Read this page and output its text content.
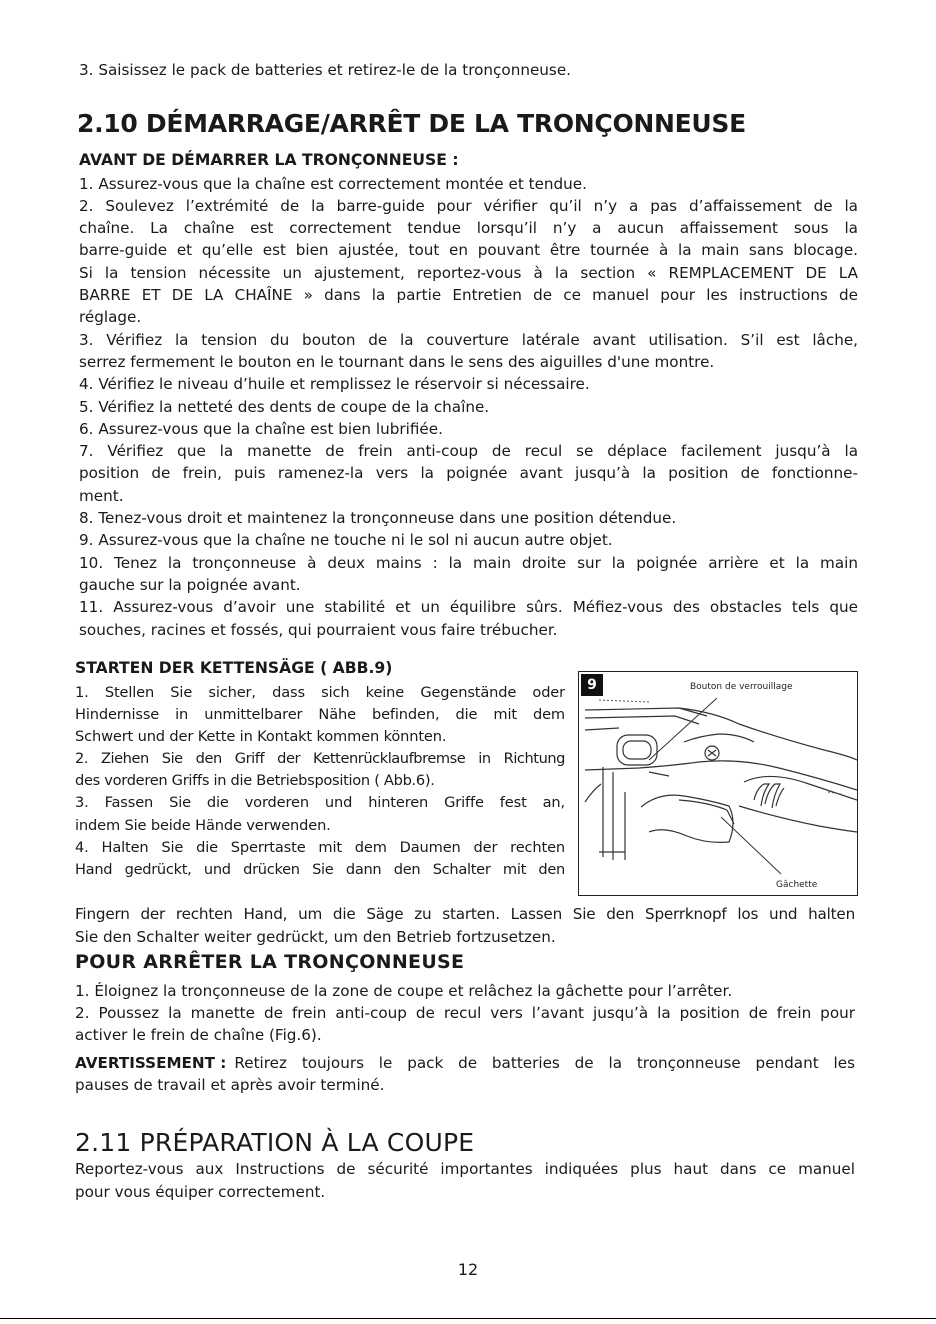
3. Saisissez le pack de batteries et retirez-le de la tronçonneuse.
2.10 DÉMARRAGE/ARRÊT DE LA TRONÇONNEUSE
AVANT DE DÉMARRER LA TRONÇONNEUSE :
1. Assurez-vous que la chaîne est correctement montée et tendue.
2. Soulevez l’extrémité de la barre-guide pour vérifier qu’il n’y a pas d’affaissement de la
chaîne. La chaîne est correctement tendue lorsqu’il n’y a aucun affaissement sous la
barre-guide et qu’elle est bien ajustée, tout en pouvant être tournée à la main sans blocage.
Si la tension nécessite un ajustement, reportez-vous à la section « REMPLACEMENT DE LA
BARRE ET DE LA CHAÎNE » dans la partie Entretien de ce manuel pour les instructions de
réglage.
3. Vérifiez la tension du bouton de la couverture latérale avant utilisation. S’il est lâche,
serrez fermement le bouton en le tournant dans le sens des aiguilles d'une montre.
4. Vérifiez le niveau d’huile et remplissez le réservoir si nécessaire.
5. Vérifiez la netteté des dents de coupe de la chaîne.
6. Assurez-vous que la chaîne est bien lubrifiée.
7. Vérifiez que la manette de frein anti-coup de recul se déplace facilement jusqu’à la
position de frein, puis ramenez-la vers la poignée avant jusqu’à la position de fonctionne-
ment.
8. Tenez-vous droit et maintenez la tronçonneuse dans une position détendue.
9. Assurez-vous que la chaîne ne touche ni le sol ni aucun autre objet.
10. Tenez la tronçonneuse à deux mains : la main droite sur la poignée arrière et la main
gauche sur la poignée avant.
11. Assurez-vous d’avoir une stabilité et un équilibre sûrs. Méfiez-vous des obstacles tels que
souches, racines et fossés, qui pourraient vous faire trébucher.
STARTEN DER KETTENSÄGE ( ABB.9)
1. Stellen Sie sicher, dass sich keine Gegenstände oder
Hindernisse in unmittelbarer Nähe befinden, die mit dem
Schwert und der Kette in Kontakt kommen könnten.
2. Ziehen Sie den Griff der Kettenrücklaufbremse in Richtung
des vorderen Griffs in die Betriebsposition ( Abb.6).
3. Fassen Sie die vorderen und hinteren Griffe fest an,
indem Sie beide Hände verwenden.
4. Halten Sie die Sperrtaste mit dem Daumen der rechten
Hand gedrückt, und drücken Sie dann den Schalter mit den
Fingern der rechten Hand, um die Säge zu starten. Lassen Sie den Sperrknopf los und halten
Sie den Schalter weiter gedrückt, um den Betrieb fortzusetzen.
9	Bouton de verrouillage
Gâchette
POUR ARRÊTER LA TRONÇONNEUSE
1. Éloignez la tronçonneuse de la zone de coupe et relâchez la gâchette pour l’arrêter.
2. Poussez la manette de frein anti-coup de recul vers l’avant jusqu’à la position de frein pour
activer le frein de chaîne (Fig.6).
AVERTISSEMENT : Retirez toujours le pack de batteries de la tronçonneuse pendant les
pauses de travail et après avoir terminé.
2.11 PRÉPARATION À LA COUPE
Reportez-vous aux Instructions de sécurité importantes indiquées plus haut dans ce manuel
pour vous équiper correctement.
12
